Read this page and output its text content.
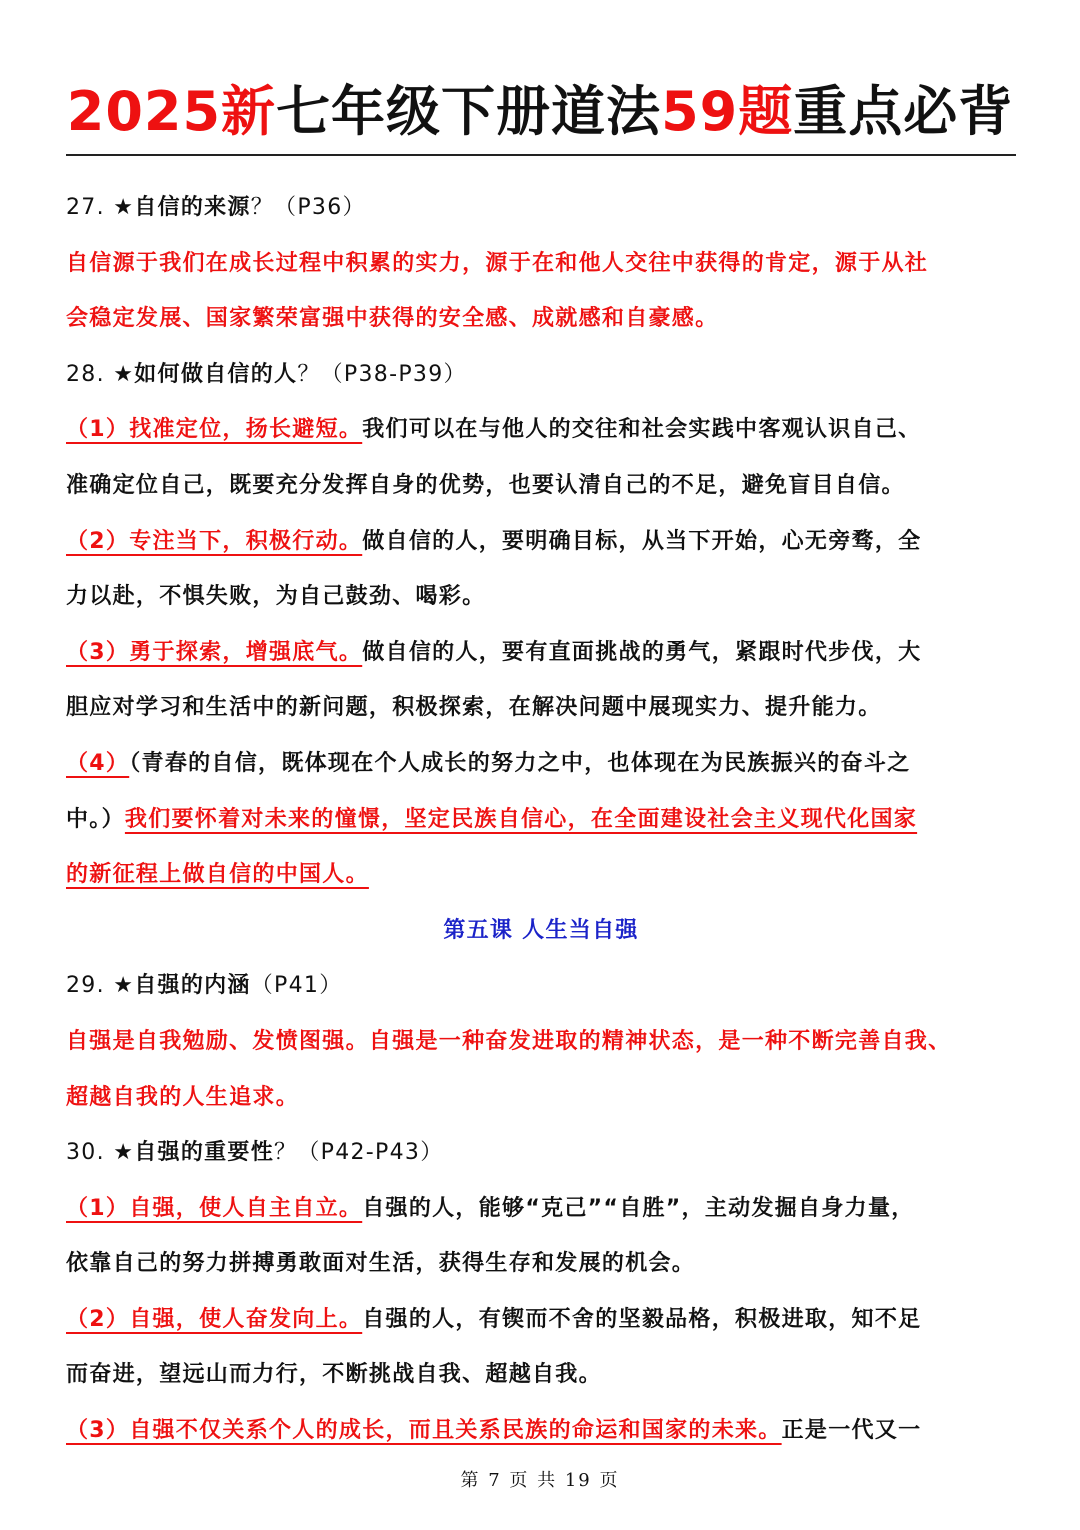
2025新七年级下册道法59题重点必背
27. ★自信的来源？（P36）
自信源于我们在成长过程中积累的实力，源于在和他人交往中获得的肯定，源于从社
会稳定发展、国家繁荣富强中获得的安全感、成就感和自豪感。
28. ★如何做自信的人？（P38-P39）
（1）找准定位，扬长避短。我们可以在与他人的交往和社会实践中客观认识自己、
准确定位自己，既要充分发挥自身的优势，也要认清自己的不足，避免盲目自信。
（2）专注当下，积极行动。做自信的人，要明确目标，从当下开始，心无旁骛，全
力以赴，不惧失败，为自己鼓劲、喝彩。
（3）勇于探索，增强底气。做自信的人，要有直面挑战的勇气，紧跟时代步伐，大
胆应对学习和生活中的新问题，积极探索，在解决问题中展现实力、提升能力。
（4）（青春的自信，既体现在个人成长的努力之中，也体现在为民族振兴的奋斗之
中。）我们要怀着对未来的憧憬，坚定民族自信心，在全面建设社会主义现代化国家
的新征程上做自信的中国人。
第五课 人生当自强
29. ★自强的内涵（P41）
自强是自我勉励、发愤图强。自强是一种奋发进取的精神状态，是一种不断完善自我、
超越自我的人生追求。
30. ★自强的重要性？（P42-P43）
（1）自强，使人自主自立。自强的人，能够“克己”“自胜”，主动发掘自身力量，
依靠自己的努力拼搏勇敢面对生活，获得生存和发展的机会。
（2）自强，使人奋发向上。自强的人，有锲而不舍的坚毅品格，积极进取，知不足
而奋进，望远山而力行，不断挑战自我、超越自我。
（3）自强不仅关系个人的成长，而且关系民族的命运和国家的未来。正是一代又一
第 7 页 共 19 页
